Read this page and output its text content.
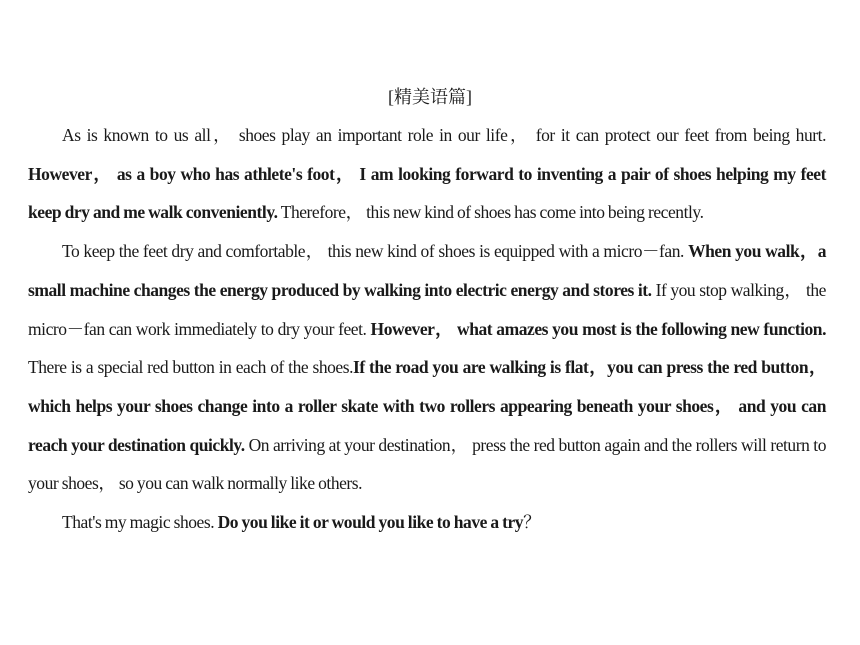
[精美语篇]

As is known to us all， shoes play an important role in our life， for it can protect our feet from being hurt. However， as a boy who has athlete's foot， I am looking forward to inventing a pair of shoes helping my feet keep dry and me walk conveniently. Therefore， this new kind of shoes has come into being recently.

To keep the feet dry and comfortable， this new kind of shoes is equipped with a micro－fan. When you walk，a small machine changes the energy produced by walking into electric energy and stores it. If you stop walking， the micro－fan can work immediately to dry your feet. However， what amazes you most is the following new function. There is a special red button in each of the shoes.If the road you are walking is flat，you can press the red button， which helps your shoes change into a roller skate with two rollers appearing beneath your shoes， and you can reach your destination quickly. On arriving at your destination， press the red button again and the rollers will return to your shoes， so you can walk normally like others.

That's my magic shoes. Do you like it or would you like to have a try？
